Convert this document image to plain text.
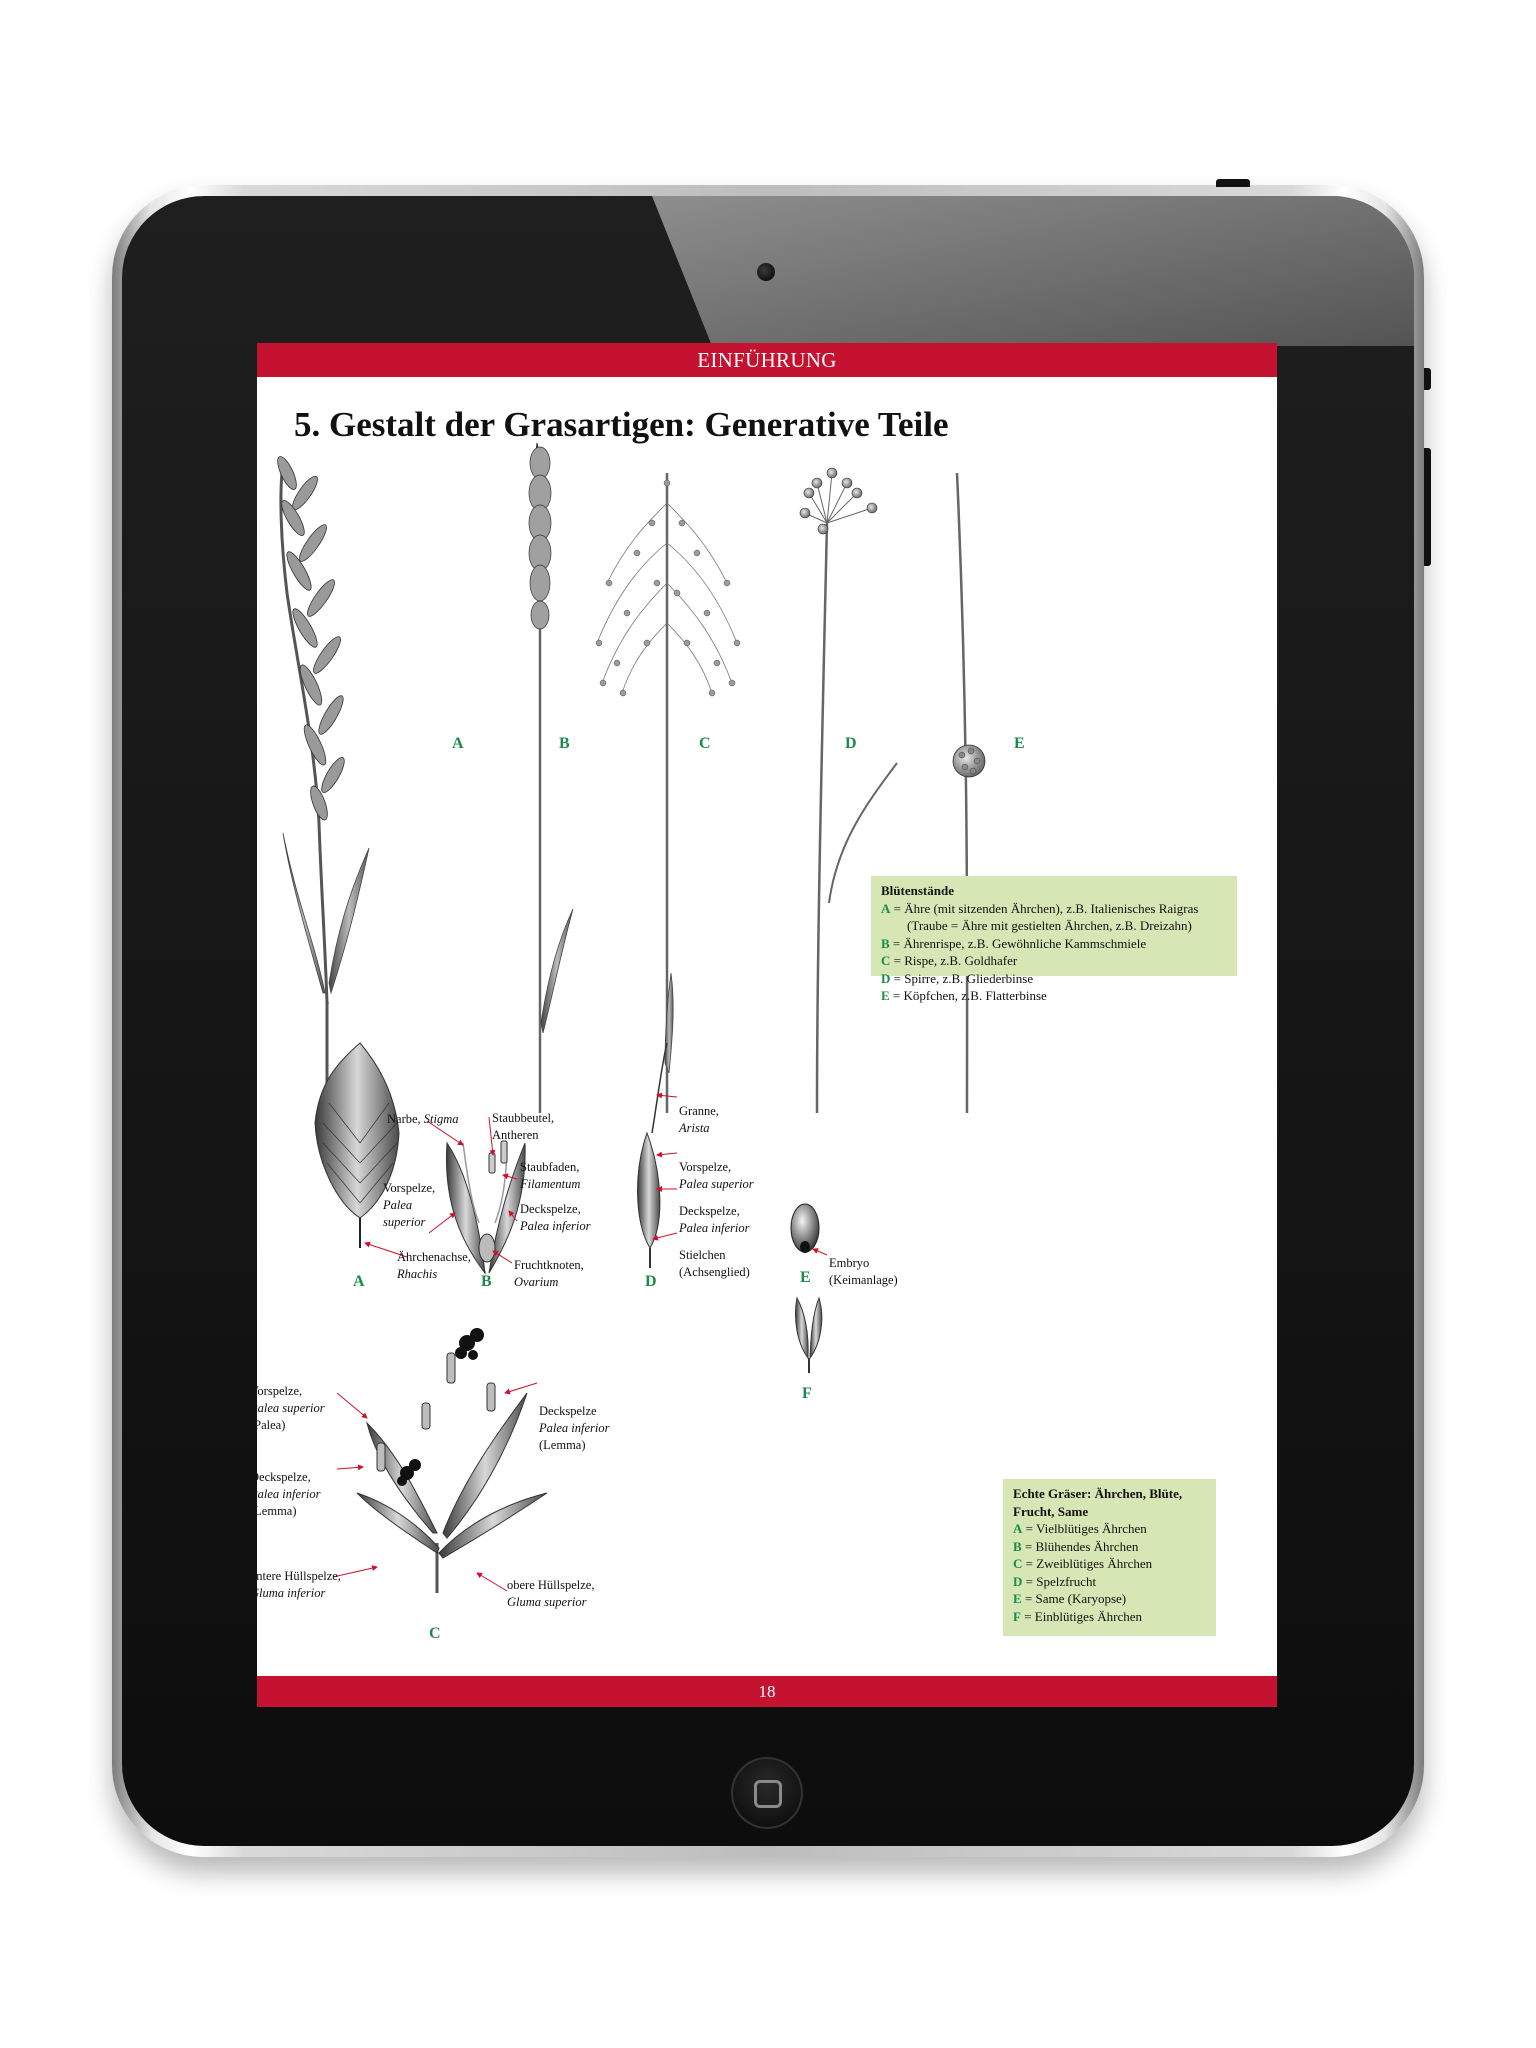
EINFÜHRUNG
5. Gestalt der Grasartigen: Generative Teile
A	B	C	D	E
Blütenstände
A = Ähre (mit sitzenden Ährchen), z.B. Italienisches Raigras
(Traube = Ähre mit gestielten Ährchen, z.B. Dreizahn)
B = Ährenrispe, z.B. Gewöhnliche Kammschmiele
C = Rispe, z.B. Goldhafer
D = Spirre, z.B. Gliederbinse
E = Köpfchen, z.B. Flatterbinse
Ährchenachse,
Rhachis
Narbe, Stigma	Staubbeutel,
Antheren
Staubfaden,
Filamentum
Vorspelze,
Palea
superior
Deckspelze,
Palea inferior
Fruchtknoten,
Ovarium
Granne,
Arista
Vorspelze,
Palea superior
Deckspelze,
Palea inferior
Stielchen
(Achsenglied)
Embryo
(Keimanlage)
Vorspelze,
Palea superior
(Palea)
Deckspelze,
Palea inferior
(Lemma)
Deckspelze
Palea inferior
(Lemma)
untere Hüllspelze,
Gluma inferior
obere Hüllspelze,
Gluma superior
A	B
C
D	E
F
Echte Gräser: Ährchen, Blüte,
Frucht, Same
A = Vielblütiges Ährchen
B = Blühendes Ährchen
C = Zweiblütiges Ährchen
D = Spelzfrucht
E = Same (Karyopse)
F = Einblütiges Ährchen
18
